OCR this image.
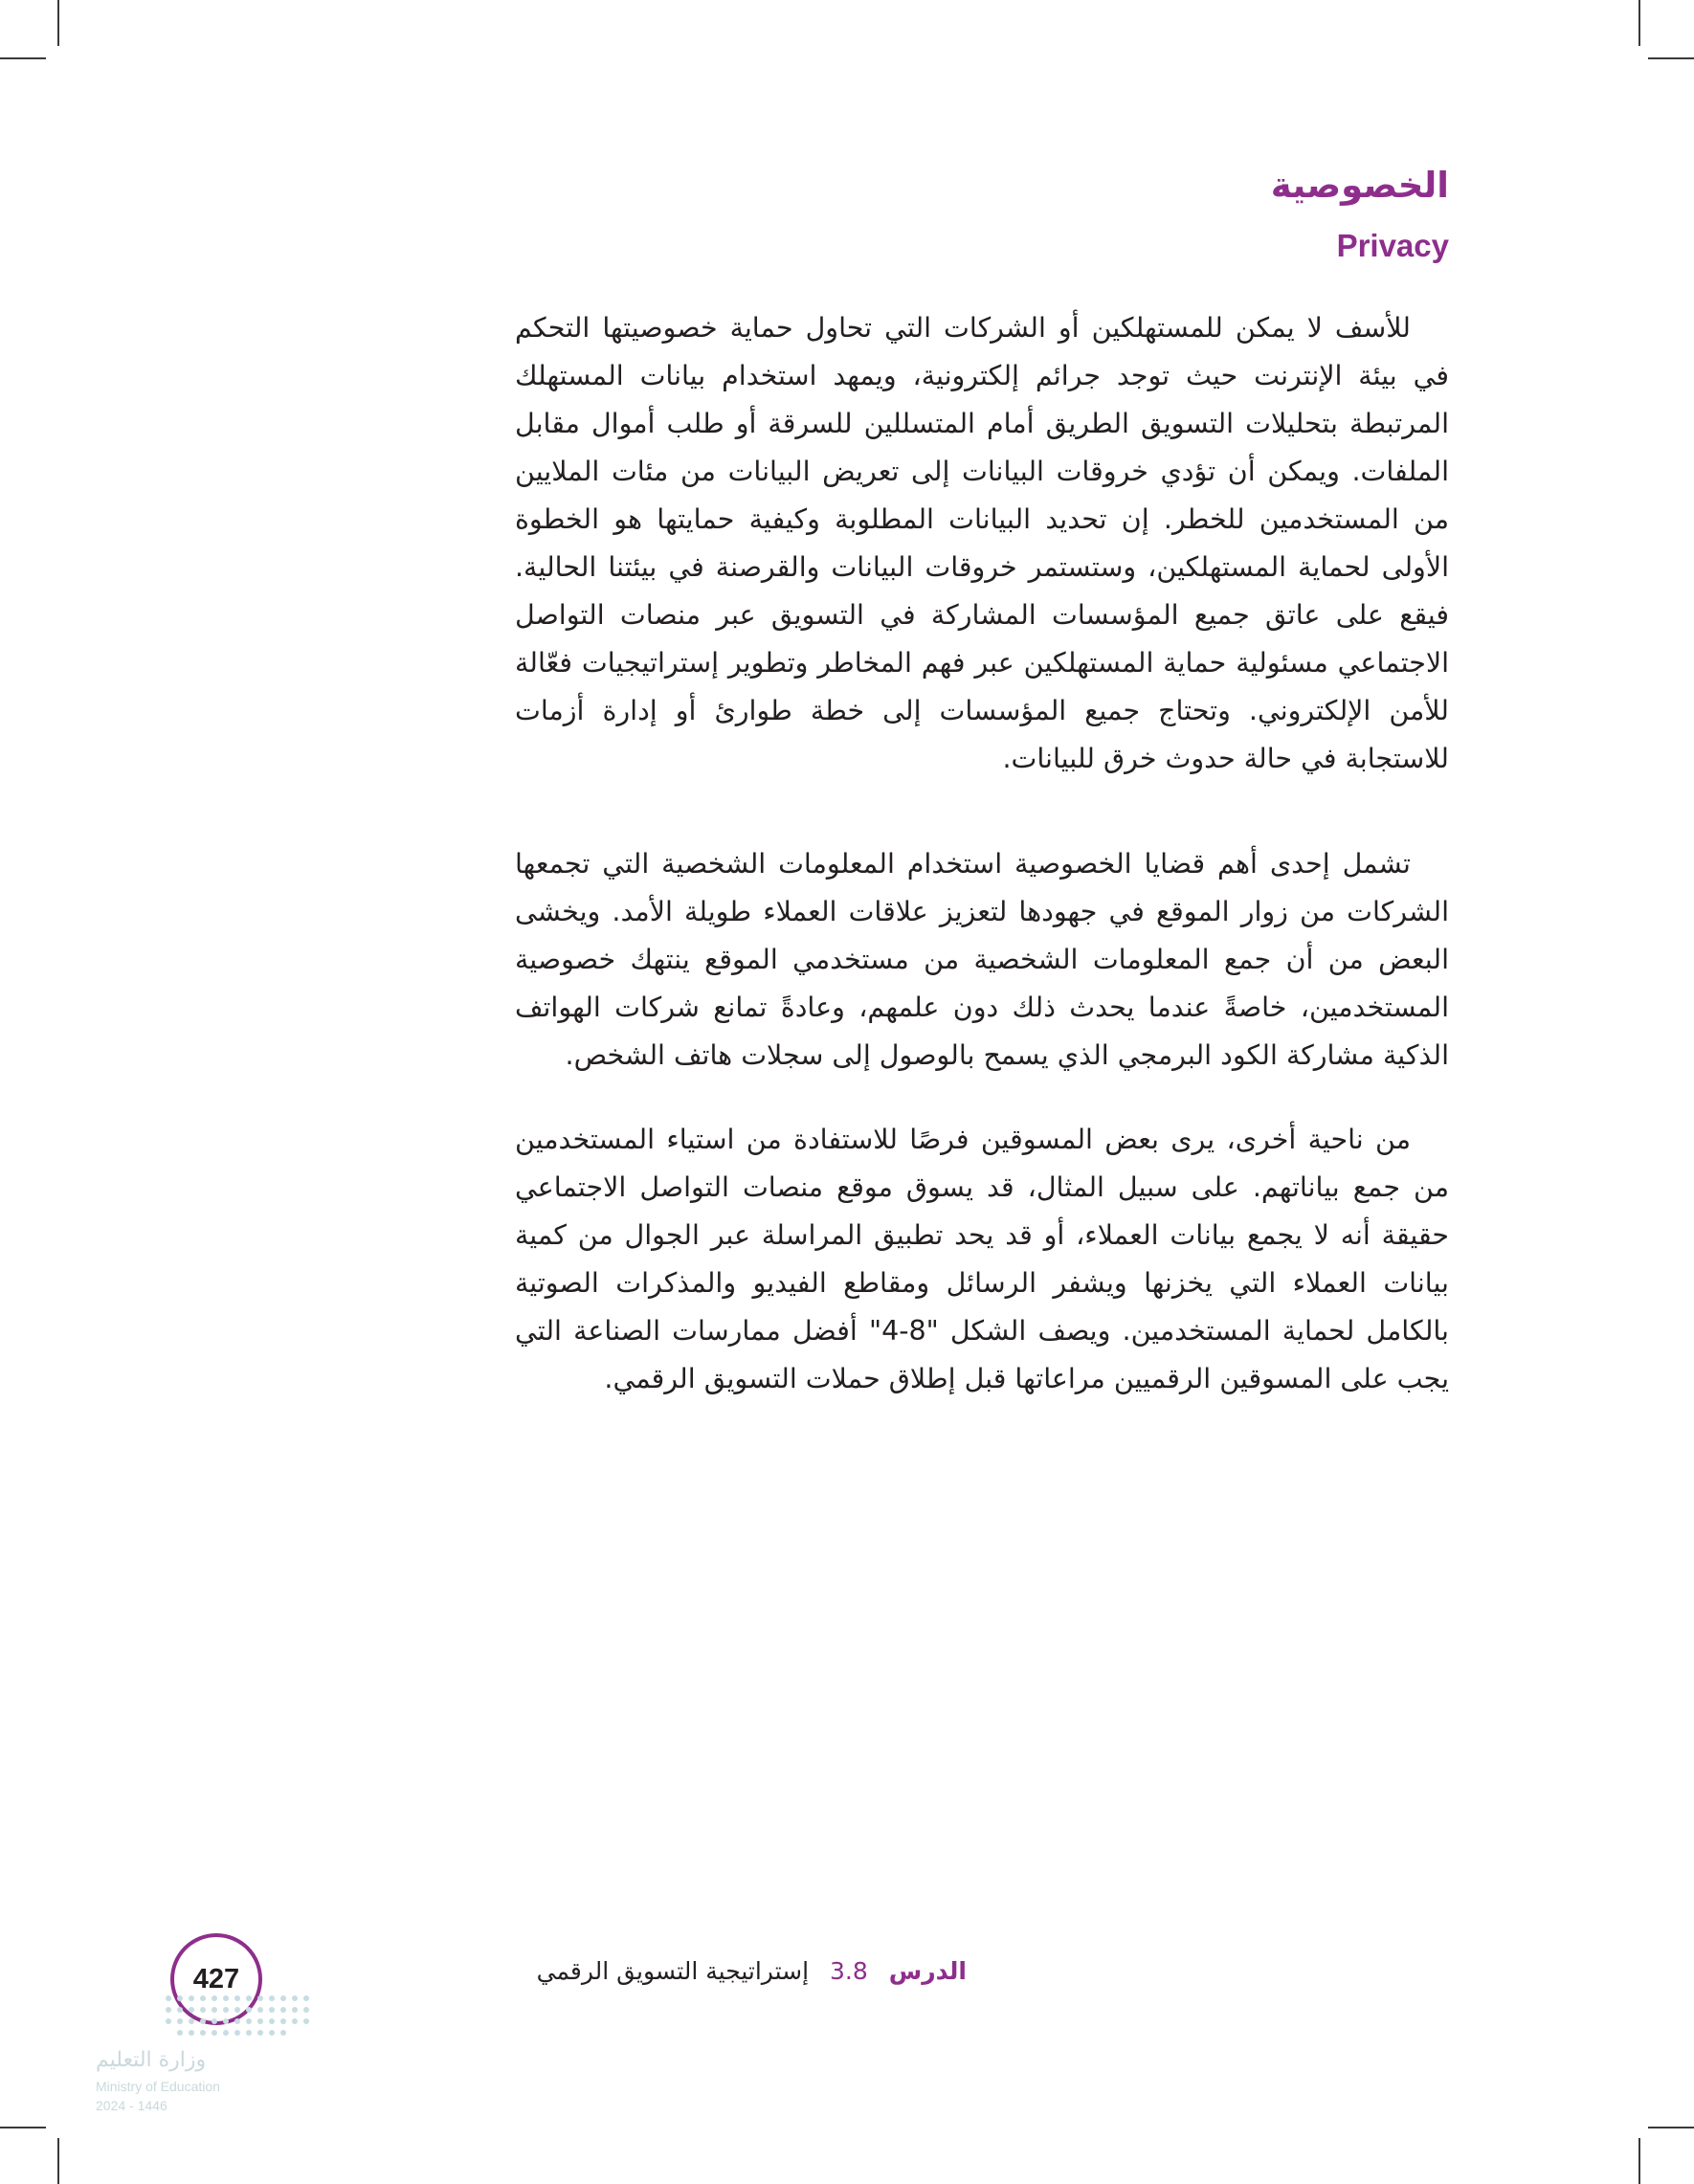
الخصوصية
Privacy

للأسف لا يمكن للمستهلكين أو الشركات التي تحاول حماية خصوصيتها التحكم في بيئة الإنترنت حيث توجد جرائم إلكترونية، ويمهد استخدام بيانات المستهلك المرتبطة بتحليلات التسويق الطريق أمام المتسللين للسرقة أو طلب أموال مقابل الملفات. ويمكن أن تؤدي خروقات البيانات إلى تعريض البيانات من مئات الملايين من المستخدمين للخطر. إن تحديد البيانات المطلوبة وكيفية حمايتها هو الخطوة الأولى لحماية المستهلكين، وستستمر خروقات البيانات والقرصنة في بيئتنا الحالية. فيقع على عاتق جميع المؤسسات المشاركة في التسويق عبر منصات التواصل الاجتماعي مسئولية حماية المستهلكين عبر فهم المخاطر وتطوير إستراتيجيات فعّالة للأمن الإلكتروني. وتحتاج جميع المؤسسات إلى خطة طوارئ أو إدارة أزمات للاستجابة في حالة حدوث خرق للبيانات.

تشمل إحدى أهم قضايا الخصوصية استخدام المعلومات الشخصية التي تجمعها الشركات من زوار الموقع في جهودها لتعزيز علاقات العملاء طويلة الأمد. ويخشى البعض من أن جمع المعلومات الشخصية من مستخدمي الموقع ينتهك خصوصية المستخدمين، خاصةً عندما يحدث ذلك دون علمهم، وعادةً تمانع شركات الهواتف الذكية مشاركة الكود البرمجي الذي يسمح بالوصول إلى سجلات هاتف الشخص.

من ناحية أخرى، يرى بعض المسوقين فرصًا للاستفادة من استياء المستخدمين من جمع بياناتهم. على سبيل المثال، قد يسوق موقع منصات التواصل الاجتماعي حقيقة أنه لا يجمع بيانات العملاء، أو قد يحد تطبيق المراسلة عبر الجوال من كمية بيانات العملاء التي يخزنها ويشفر الرسائل ومقاطع الفيديو والمذكرات الصوتية بالكامل لحماية المستخدمين. ويصف الشكل "8-4" أفضل ممارسات الصناعة التي يجب على المسوقين الرقميين مراعاتها قبل إطلاق حملات التسويق الرقمي.

الدرس 3.8 إستراتيجية التسويق الرقمي
427
وزارة التعليم
Ministry of Education
2024 - 1446
